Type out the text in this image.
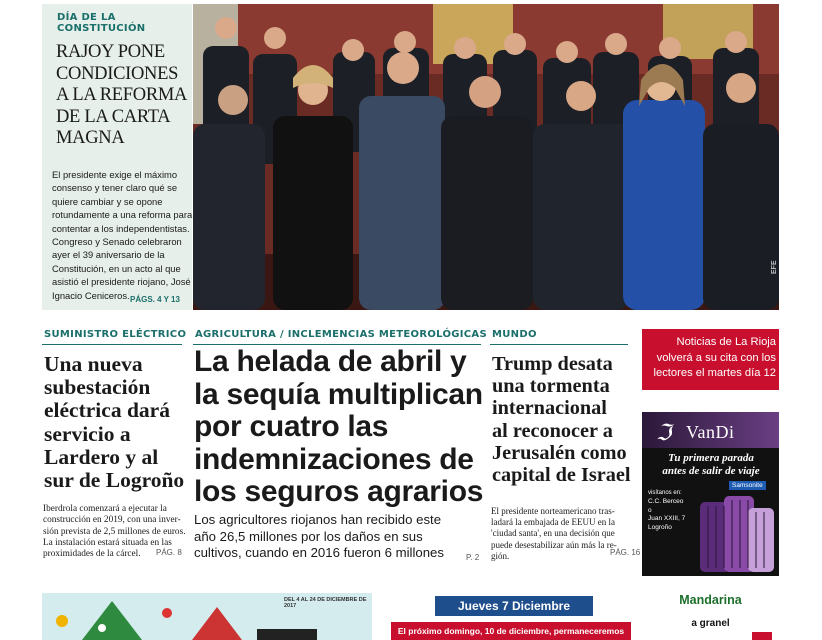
DÍA DE LA CONSTITUCIÓN
RAJOY PONE
CONDICIONES
A LA REFORMA
DE LA CARTA
MAGNA
El presidente exige el máximo
consenso y tener claro qué se
quiere cambiar y se opone
rotundamente a una reforma para
contentar a los independentistas.
Congreso y Senado celebraron
ayer el 39 aniversario de la
Constitución, en un acto al que
asistió el presidente riojano, José
Ignacio Ceniceros. PÁGS. 4 Y 13
EFE
SUMINISTRO ELÉCTRICO
Una nueva
subestación
eléctrica dará
servicio a
Lardero y al
sur de Logroño
Iberdrola comenzará a ejecutar la
construcción en 2019, con una inver-
sión prevista de 2,5 millones de euros.
La instalación estará situada en las
proximidades de la cárcel.	PÁG. 8
AGRICULTURA / INCLEMENCIAS METEOROLÓGICAS
La helada de abril y
la sequía multiplican
por cuatro las
indemnizaciones de
los seguros agrarios
Los agricultores riojanos han recibido este
año 26,5 millones por los daños en sus
cultivos, cuando en 2016 fueron 6 millones	P. 2
MUNDO
Trump desata
una tormenta
internacional
al reconocer a
Jerusalén como
capital de Israel
El presidente norteamericano tras-
ladará la embajada de EEUU en la
'ciudad santa', en una decisión que
puede desestabilizar aún más la re-
gión.	PÁG. 16
Noticias de La Rioja
volverá a su cita con los
lectores el martes día 12
ℑ VanDi
Tu primera parada
antes de salir de viaje
Samsonite
visítanos en:
C.C. Berceo
o
Juan XXIII, 7
Logroño
DEL 4 AL 24 DE DICIEMBRE DE 2017	Jueves 7 Diciembre
El próximo domingo, 10 de diciembre, permaneceremos
Mandarina
a granel
